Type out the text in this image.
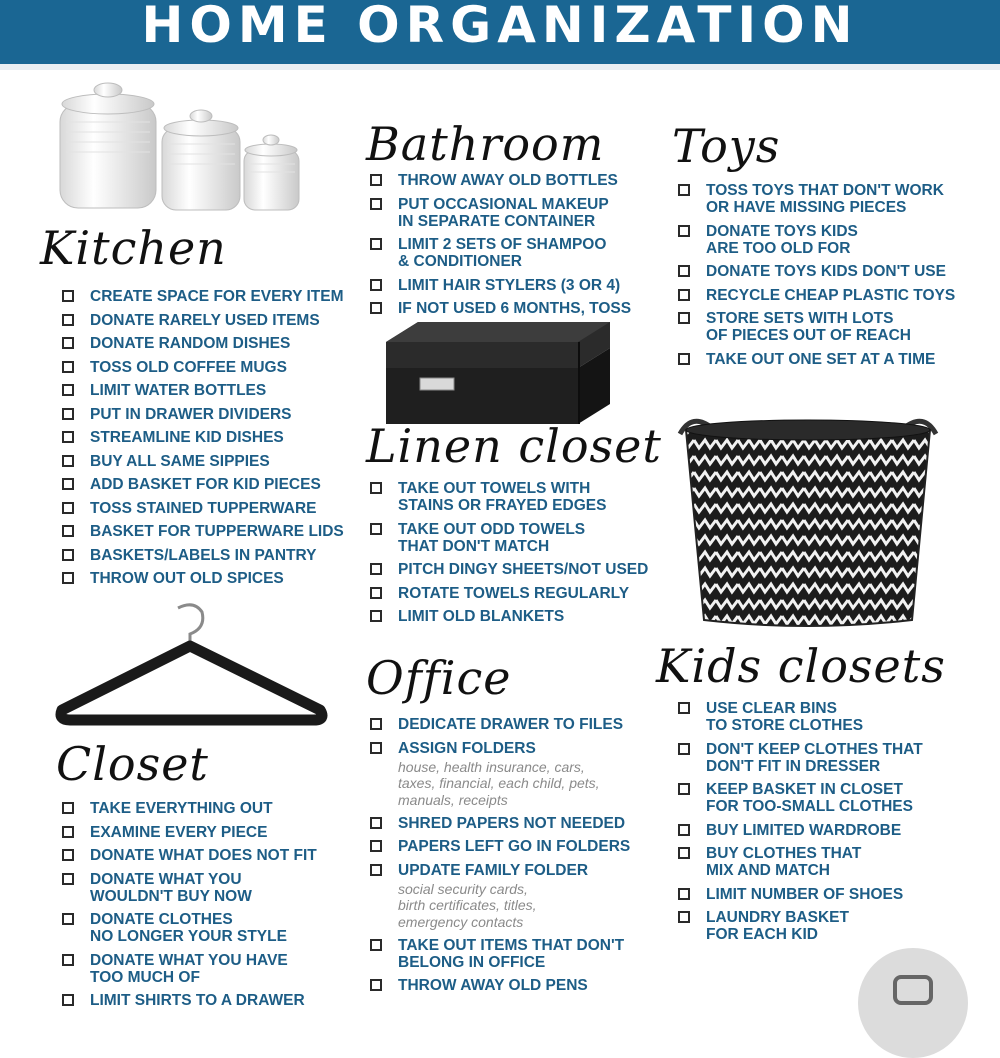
HOME ORGANIZATION
Kitchen
CREATE SPACE FOR EVERY ITEM
DONATE RARELY USED ITEMS
DONATE RANDOM DISHES
TOSS OLD COFFEE MUGS
LIMIT WATER BOTTLES
PUT IN DRAWER DIVIDERS
STREAMLINE KID DISHES
BUY ALL SAME SIPPIES
ADD BASKET FOR KID PIECES
TOSS STAINED TUPPERWARE
BASKET FOR TUPPERWARE LIDS
BASKETS/LABELS IN PANTRY
THROW OUT OLD SPICES
Closet
TAKE EVERYTHING OUT
EXAMINE EVERY PIECE
DONATE WHAT DOES NOT FIT
DONATE WHAT YOU
WOULDN'T BUY NOW
DONATE CLOTHES
NO LONGER YOUR STYLE
DONATE WHAT YOU HAVE
TOO MUCH OF
LIMIT SHIRTS TO A DRAWER
Bathroom
THROW AWAY OLD BOTTLES
PUT OCCASIONAL MAKEUP
IN SEPARATE CONTAINER
LIMIT 2 SETS OF SHAMPOO
& CONDITIONER
LIMIT HAIR STYLERS (3 OR 4)
IF NOT USED 6 MONTHS, TOSS
Linen closet
TAKE OUT TOWELS WITH
STAINS OR FRAYED EDGES
TAKE OUT ODD TOWELS
THAT DON'T MATCH
PITCH DINGY SHEETS/NOT USED
ROTATE TOWELS REGULARLY
LIMIT OLD BLANKETS
Office
DEDICATE DRAWER TO FILES
ASSIGN FOLDERS
house, health insurance, cars,
taxes, financial, each child, pets,
manuals, receipts
SHRED PAPERS NOT NEEDED
PAPERS LEFT GO IN FOLDERS
UPDATE FAMILY FOLDER
social security cards,
birth certificates, titles,
emergency contacts
TAKE OUT ITEMS THAT DON'T
BELONG IN OFFICE
THROW AWAY OLD PENS
Toys
TOSS TOYS THAT DON'T WORK
OR HAVE MISSING PIECES
DONATE TOYS KIDS
ARE TOO OLD FOR
DONATE TOYS KIDS DON'T USE
RECYCLE CHEAP PLASTIC TOYS
STORE SETS WITH LOTS
OF PIECES OUT OF REACH
TAKE OUT ONE SET AT A TIME
Kids closets
USE CLEAR BINS
TO STORE CLOTHES
DON'T KEEP CLOTHES THAT
DON'T FIT IN DRESSER
KEEP BASKET IN CLOSET
FOR TOO-SMALL CLOTHES
BUY LIMITED WARDROBE
BUY CLOTHES THAT
MIX AND MATCH
LIMIT NUMBER OF SHOES
LAUNDRY BASKET
FOR EACH KID
